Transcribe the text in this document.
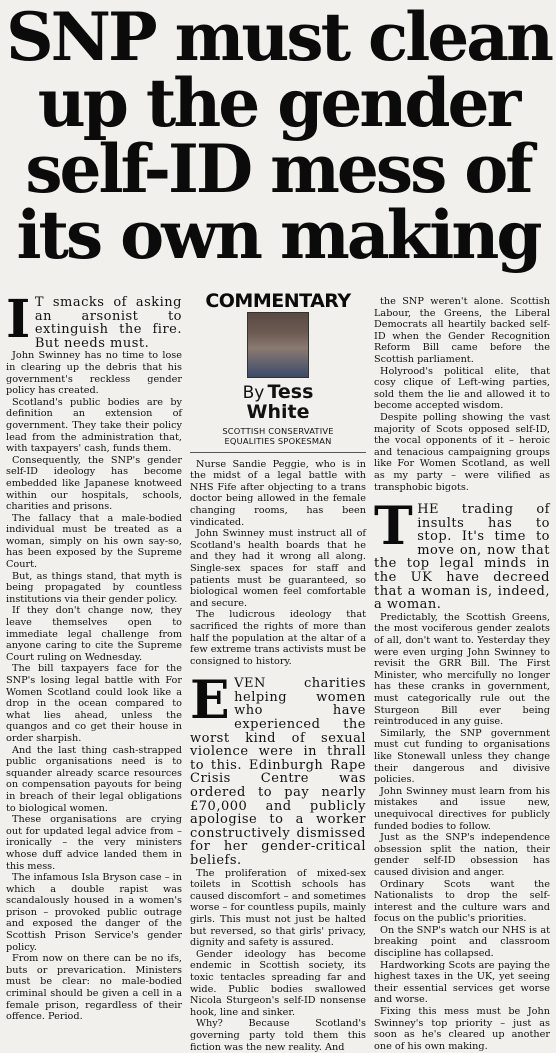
SNP must clean
up the gender
self-ID mess of
its own making

I T smacks of asking an arsonist to extinguish the fire. But needs must.

John Swinney has no time to lose in clearing up the debris that his government's reckless gender policy has created.

Scotland's public bodies are by definition an extension of government. They take their policy lead from the administration that, with taxpayers' cash, funds them.

Consequently, the SNP's gender self-ID ideology has become embedded like Japanese knotweed within our hospitals, schools, charities and prisons.

The fallacy that a male-bodied individual must be treated as a woman, simply on his own say-so, has been exposed by the Supreme Court.

But, as things stand, that myth is being propagated by countless institutions via their gender policy.

If they don't change now, they leave themselves open to immediate legal challenge from anyone caring to cite the Supreme Court ruling on Wednesday.

The bill taxpayers face for the SNP's losing legal battle with For Women Scotland could look like a drop in the ocean compared to what lies ahead, unless the quangos and co get their house in order sharpish.

And the last thing cash-strapped public organisations need is to squander already scarce resources on compensation payouts for being in breach of their legal obligations to biological women.

These organisations are crying out for updated legal advice from – ironically – the very ministers whose duff advice landed them in this mess.

The infamous Isla Bryson case – in which a double rapist was scandalously housed in a women's prison – provoked public outrage and exposed the danger of the Scottish Prison Service's gender policy.

From now on there can be no ifs, buts or prevarication. Ministers must be clear: no male-bodied criminal should be given a cell in a female prison, regardless of their offence. Period.

COMMENTARY
By Tess
White
SCOTTISH CONSERVATIVE
EQUALITIES SPOKESMAN

Nurse Sandie Peggie, who is in the midst of a legal battle with NHS Fife after objecting to a trans doctor being allowed in the female changing rooms, has been vindicated.

John Swinney must instruct all of Scotland's health boards that he and they had it wrong all along. Single-sex spaces for staff and patients must be guaranteed, so biological women feel comfortable and secure.

The ludicrous ideology that sacrificed the rights of more than half the population at the altar of a few extreme trans activists must be consigned to history.

EVEN charities helping women who have experienced the worst kind of sexual violence were in thrall to this. Edinburgh Rape Crisis Centre was ordered to pay nearly £70,000 and publicly apologise to a worker constructively dismissed for her gender-critical beliefs.

The proliferation of mixed-sex toilets in Scottish schools has caused discomfort – and sometimes worse – for countless pupils, mainly girls. This must not just be halted but reversed, so that girls' privacy, dignity and safety is assured.

Gender ideology has become endemic in Scottish society, its toxic tentacles spreading far and wide. Public bodies swallowed Nicola Sturgeon's self-ID nonsense hook, line and sinker.

Why? Because Scotland's governing party told them this fiction was the new reality. And

the SNP weren't alone. Scottish Labour, the Greens, the Liberal Democrats all heartily backed self-ID when the Gender Recognition Reform Bill came before the Scottish parliament.

Holyrood's political elite, that cosy clique of Left-wing parties, sold them the lie and allowed it to become accepted wisdom.

Despite polling showing the vast majority of Scots opposed self-ID, the vocal opponents of it – heroic and tenacious campaigning groups like For Women Scotland, as well as my party – were vilified as transphobic bigots.

THE trading of insults has to stop. It's time to move on, now that the top legal minds in the UK have decreed that a woman is, indeed, a woman.

Predictably, the Scottish Greens, the most vociferous gender zealots of all, don't want to. Yesterday they were even urging John Swinney to revisit the GRR Bill. The First Minister, who mercifully no longer has these cranks in government, must categorically rule out the Sturgeon Bill ever being reintroduced in any guise.

Similarly, the SNP government must cut funding to organisations like Stonewall unless they change their dangerous and divisive policies.

John Swinney must learn from his mistakes and issue new, unequivocal directives for publicly funded bodies to follow.

Just as the SNP's independence obsession split the nation, their gender self-ID obsession has caused division and anger.

Ordinary Scots want the Nationalists to drop the self-interest and the culture wars and focus on the public's priorities.

On the SNP's watch our NHS is at breaking point and classroom discipline has collapsed.

Hardworking Scots are paying the highest taxes in the UK, yet seeing their essential services get worse and worse.

Fixing this mess must be John Swinney's top priority – just as soon as he's cleared up another one of his own making.
